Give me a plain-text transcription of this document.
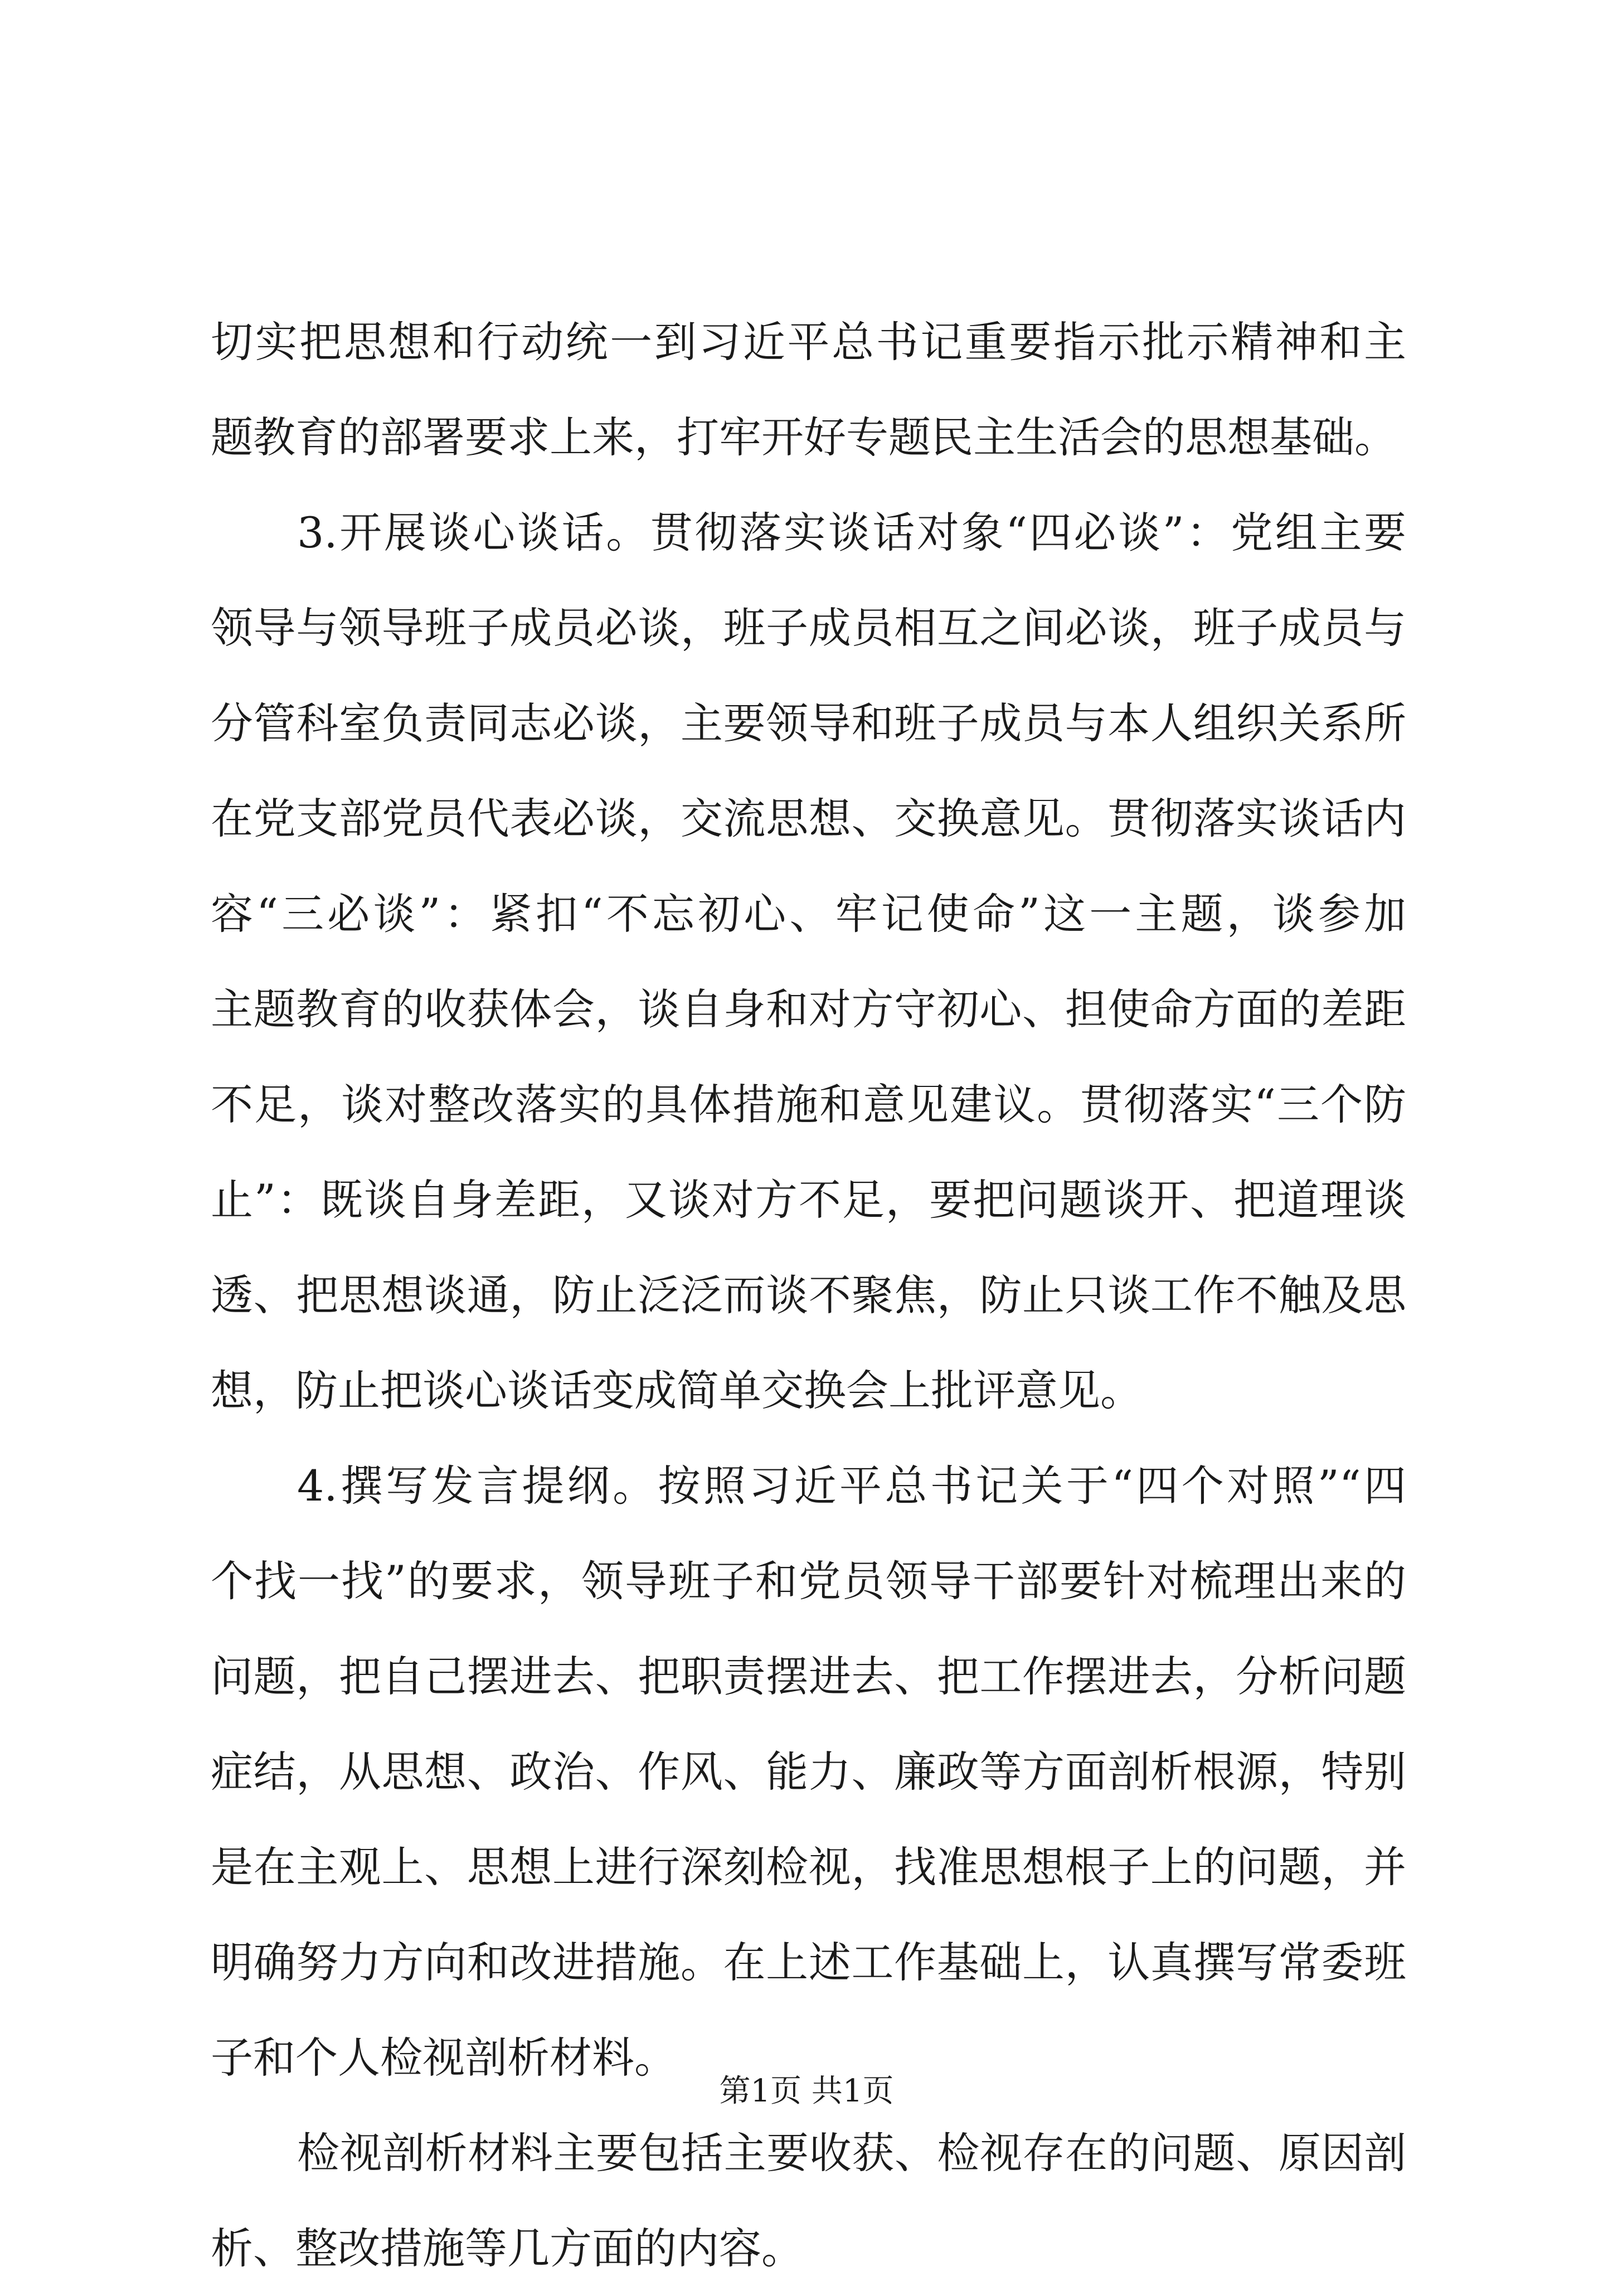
切实把思想和行动统一到习近平总书记重要指示批示精神和主
题教育的部署要求上来，打牢开好专题民主生活会的思想基础。
3.开展谈心谈话。贯彻落实谈话对象“四必谈”：党组主要
领导与领导班子成员必谈，班子成员相互之间必谈，班子成员与
分管科室负责同志必谈，主要领导和班子成员与本人组织关系所
在党支部党员代表必谈，交流思想、交换意见。贯彻落实谈话内
容“三必谈”：紧扣“不忘初心、牢记使命”这一主题，谈参加
主题教育的收获体会，谈自身和对方守初心、担使命方面的差距
不足，谈对整改落实的具体措施和意见建议。贯彻落实“三个防
止”：既谈自身差距，又谈对方不足，要把问题谈开、把道理谈
透、把思想谈通，防止泛泛而谈不聚焦，防止只谈工作不触及思
想，防止把谈心谈话变成简单交换会上批评意见。
4.撰写发言提纲。按照习近平总书记关于“四个对照”“四
个找一找”的要求，领导班子和党员领导干部要针对梳理出来的
问题，把自己摆进去、把职责摆进去、把工作摆进去，分析问题
症结，从思想、政治、作风、能力、廉政等方面剖析根源，特别
是在主观上、思想上进行深刻检视，找准思想根子上的问题，并
明确努力方向和改进措施。在上述工作基础上，认真撰写常委班
子和个人检视剖析材料。
检视剖析材料主要包括主要收获、检视存在的问题、原因剖
析、整改措施等几方面的内容。
第1页 共1页
